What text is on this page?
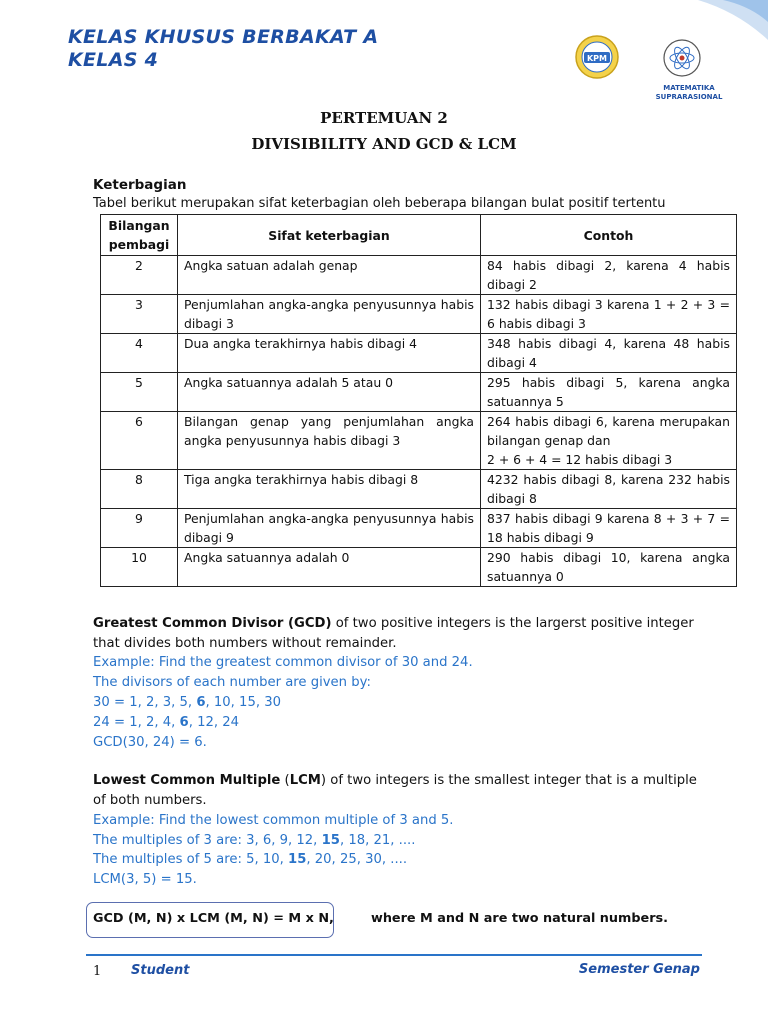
KELAS KHUSUS BERBAKAT A
KELAS 4	KPM
MATEMATIKA
SUPRARASIONAL
PERTEMUAN 2
DIVISIBILITY AND GCD & LCM
Keterbagian
Tabel berikut merupakan sifat keterbagian oleh beberapa bilangan bulat positif tertentu
Bilangan pembagi	Sifat keterbagian	Contoh
2	Angka satuan adalah genap	84 habis dibagi 2, karena 4 habis dibagi 2
3	Penjumlahan angka-angka penyusunnya habis dibagi 3	132 habis dibagi 3 karena 1 + 2 + 3 = 6 habis dibagi 3
4	Dua angka terakhirnya habis dibagi 4	348 habis dibagi 4, karena 48 habis dibagi 4
5	Angka satuannya adalah 5 atau 0	295 habis dibagi 5, karena angka satuannya 5
6	Bilangan genap yang penjumlahan angka angka penyusunnya habis dibagi 3	264 habis dibagi 6, karena merupakan bilangan genap dan
2 + 6 + 4 = 12 habis dibagi 3

8	Tiga angka terakhirnya habis dibagi 8	4232 habis dibagi 8, karena 232 habis dibagi 8
9	Penjumlahan angka-angka penyusunnya habis dibagi 9	837 habis dibagi 9 karena 8 + 3 + 7 = 18 habis dibagi 9
10	Angka satuannya adalah 0	290 habis dibagi 10, karena angka satuannya 0
Greatest Common Divisor (GCD) of two positive integers is the largerst positive integer that divides both numbers without remainder.
Example: Find the greatest common divisor of 30 and 24.
The divisors of each number are given by:
30 = 1, 2, 3, 5, 6, 10, 15, 30
24 = 1, 2, 4, 6, 12, 24
GCD(30, 24) = 6.
Lowest Common Multiple (LCM) of two integers is the smallest integer that is a multiple of both numbers.
Example: Find the lowest common multiple of 3 and 5.
The multiples of 3 are: 3, 6, 9, 12, 15, 18, 21, ....
The multiples of 5 are: 5, 10, 15, 20, 25, 30, ....
LCM(3, 5) = 15.
GCD (M, N) x LCM (M, N) = M x N,	where M and N are two natural numbers.
1 Student	Semester Genap
